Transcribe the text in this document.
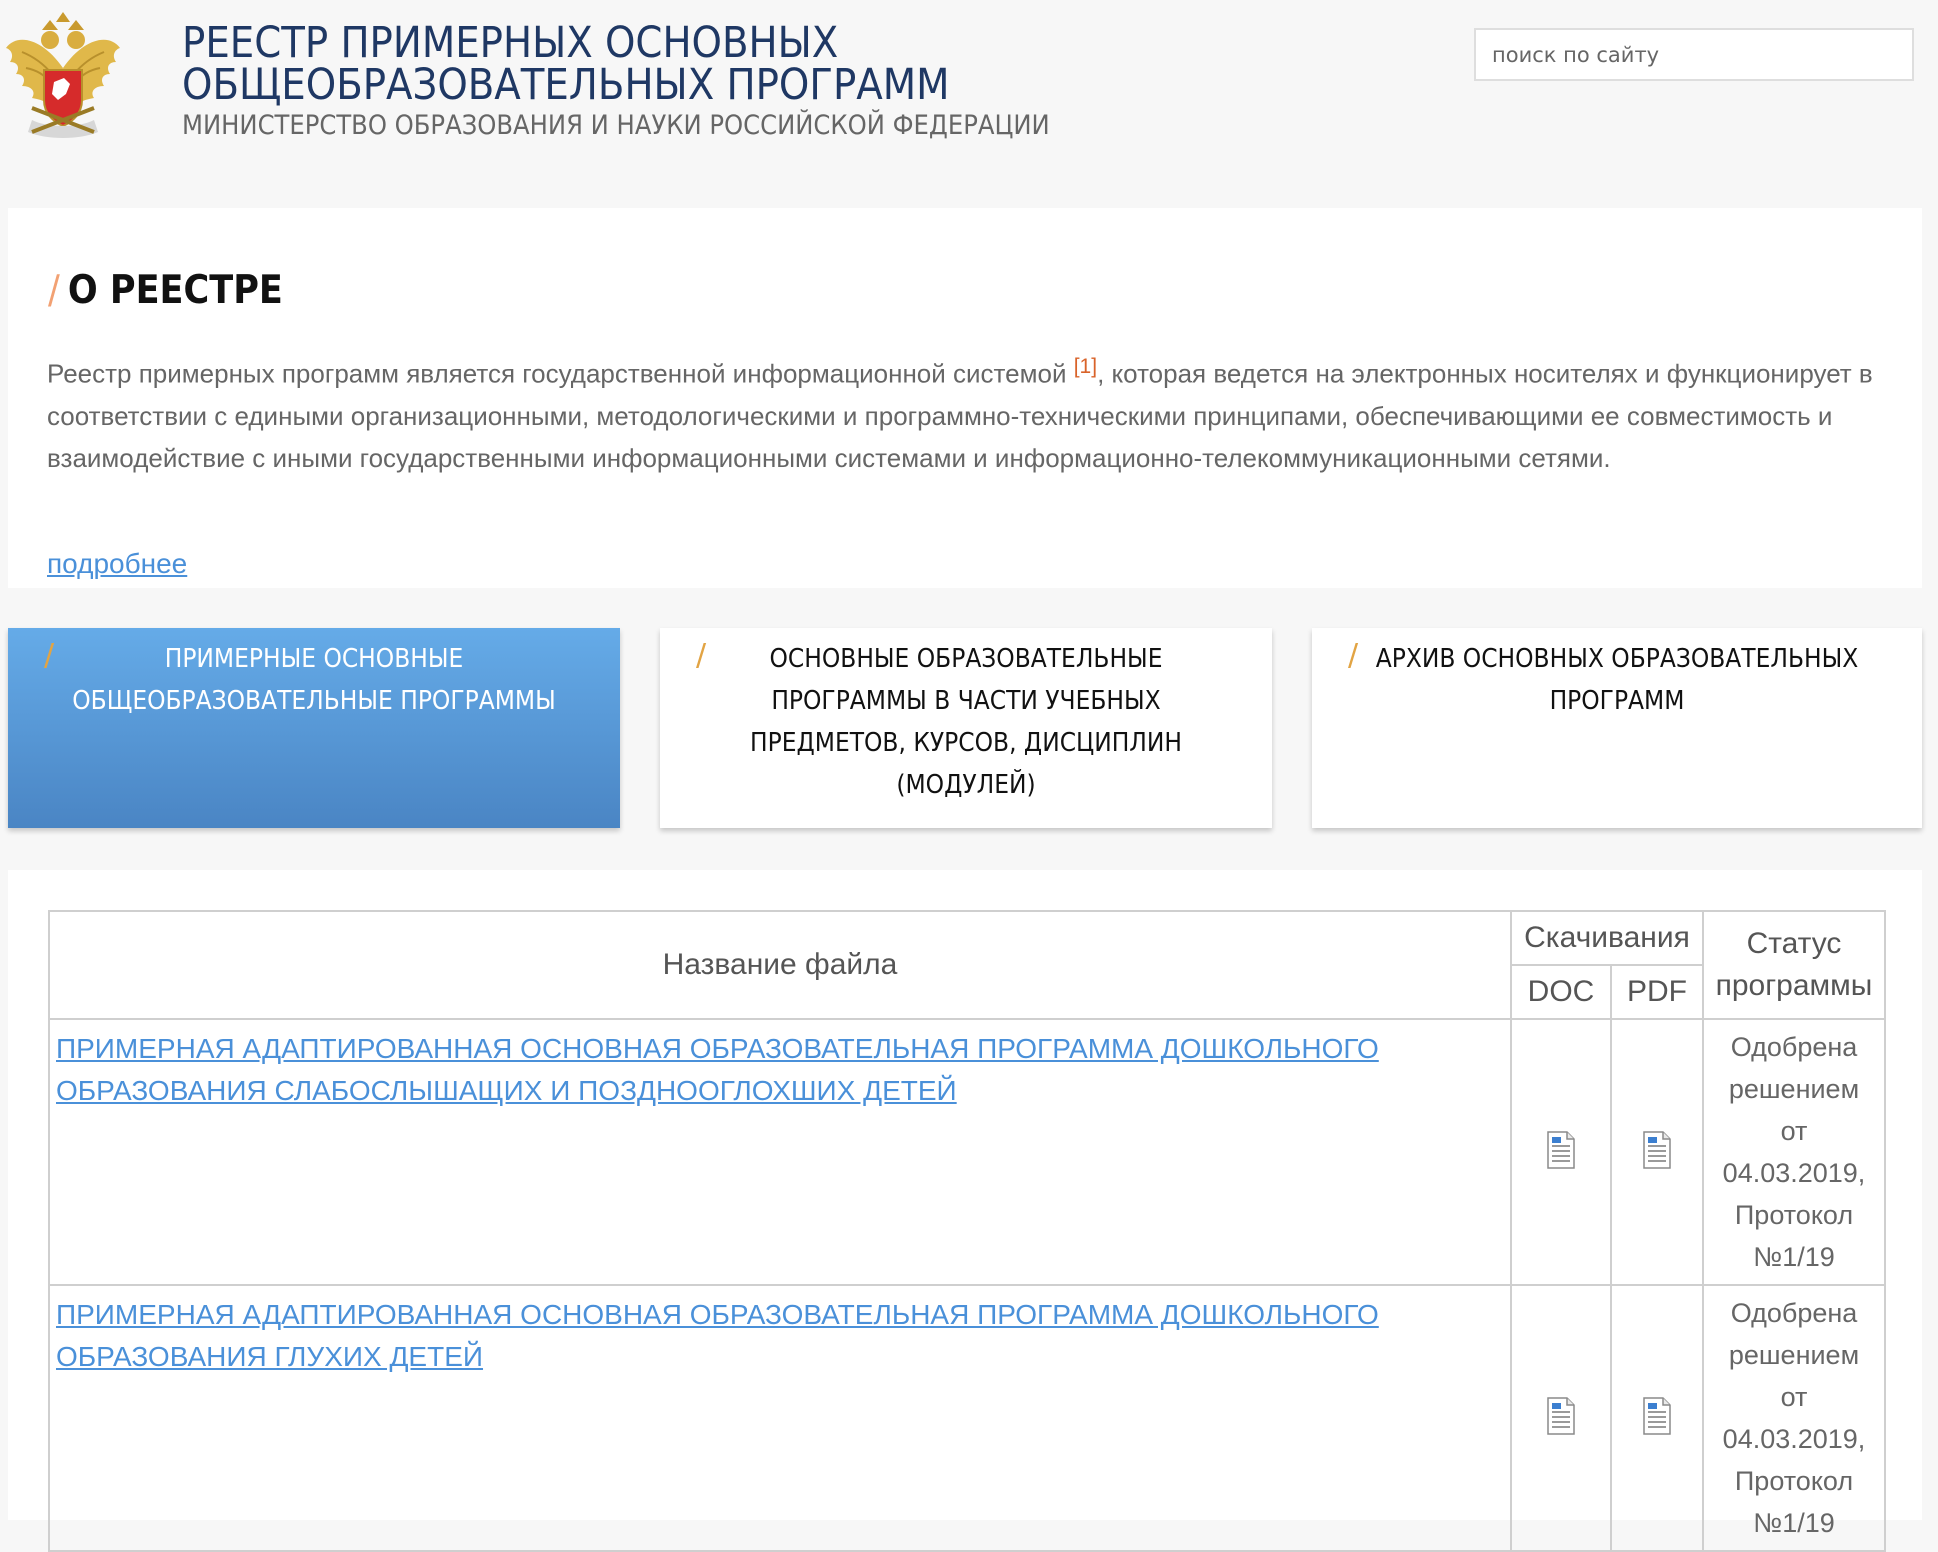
РЕЕСТР ПРИМЕРНЫХ ОСНОВНЫХ
ОБЩЕОБРАЗОВАТЕЛЬНЫХ ПРОГРАММ
МИНИСТЕРСТВО ОБРАЗОВАНИЯ И НАУКИ РОССИЙСКОЙ ФЕДЕРАЦИИ
поиск по сайту
/ О РЕЕСТРЕ

Реестр примерных программ является государственной информационной системой [1], которая ведется на электронных носителях и функционирует в соответствии с едиными организационными, методологическими и программно-техническими принципами, обеспечивающими ее совместимость и взаимодействие с иными государственными информационными системами и информационно-телекоммуникационными сетями.

подробнее
/	ПРИМЕРНЫЕ ОСНОВНЫЕ ОБЩЕОБРАЗОВАТЕЛЬНЫЕ ПРОГРАММЫ
/ ОСНОВНЫЕ ОБРАЗОВАТЕЛЬНЫЕ ПРОГРАММЫ В ЧАСТИ УЧЕБНЫХ ПРЕДМЕТОВ, КУРСОВ, ДИСЦИПЛИН (МОДУЛЕЙ)
/ АРХИВ ОСНОВНЫХ ОБРАЗОВАТЕЛЬНЫХ ПРОГРАММ
Название файла	Скачивания		Статус программы
	DOC	PDF	
ПРИМЕРНАЯ АДАПТИРОВАННАЯ ОСНОВНАЯ ОБРАЗОВАТЕЛЬНАЯ ПРОГРАММА ДОШКОЛЬНОГО ОБРАЗОВАНИЯ СЛАБОСЛЫШАЩИХ И ПОЗДНООГЛОХШИХ ДЕТЕЙ			Одобрена решением от 04.03.2019, Протокол №1/19
ПРИМЕРНАЯ АДАПТИРОВАННАЯ ОСНОВНАЯ ОБРАЗОВАТЕЛЬНАЯ ПРОГРАММА ДОШКОЛЬНОГО ОБРАЗОВАНИЯ ГЛУХИХ ДЕТЕЙ			Одобрена решением от 04.03.2019, Протокол №1/19
